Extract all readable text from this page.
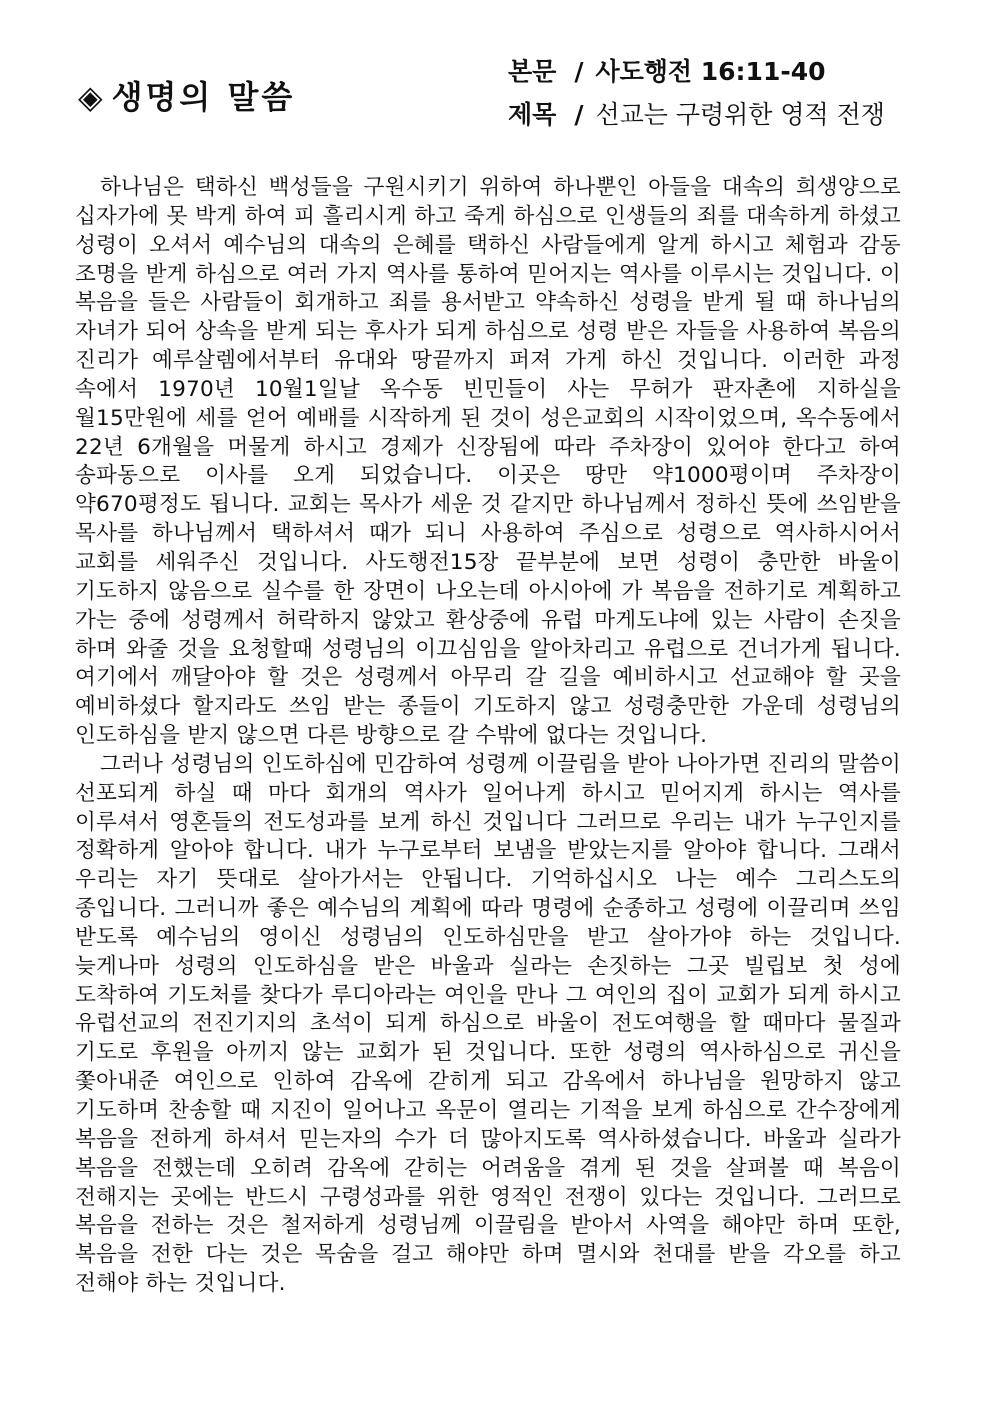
◈ 생명의 말씀
본문 / 사도행전 16:11-40
제목 / 선교는 구령위한 영적 전쟁

하나님은 택하신 백성들을 구원시키기 위하여 하나뿐인 아들을 대속의 희생양으로 십자가에 못 박게 하여 피 흘리시게 하고 죽게 하심으로 인생들의 죄를 대속하게 하셨고 성령이 오셔서 예수님의 대속의 은혜를 택하신 사람들에게 알게 하시고 체험과 감동 조명을 받게 하심으로 여러 가지 역사를 통하여 믿어지는 역사를 이루시는 것입니다. 이 복음을 들은 사람들이 회개하고 죄를 용서받고 약속하신 성령을 받게 될 때 하나님의 자녀가 되어 상속을 받게 되는 후사가 되게 하심으로 성령 받은 자들을 사용하여 복음의 진리가 예루살렘에서부터 유대와 땅끝까지 퍼져 가게 하신 것입니다. 이러한 과정 속에서 1970년 10월1일날 옥수동 빈민들이 사는 무허가 판자촌에 지하실을 월15만원에 세를 얻어 예배를 시작하게 된 것이 성은교회의 시작이었으며, 옥수동에서 22년 6개월을 머물게 하시고 경제가 신장됨에 따라 주차장이 있어야 한다고 하여 송파동으로 이사를 오게 되었습니다. 이곳은 땅만 약1000평이며 주차장이 약670평정도 됩니다. 교회는 목사가 세운 것 같지만 하나님께서 정하신 뜻에 쓰임받을 목사를 하나님께서 택하셔서 때가 되니 사용하여 주심으로 성령으로 역사하시어서 교회를 세워주신 것입니다. 사도행전15장 끝부분에 보면 성령이 충만한 바울이 기도하지 않음으로 실수를 한 장면이 나오는데 아시아에 가 복음을 전하기로 계획하고 가는 중에 성령께서 허락하지 않았고 환상중에 유럽 마게도냐에 있는 사람이 손짓을 하며 와줄 것을 요청할때 성령님의 이끄심임을 알아차리고 유럽으로 건너가게 됩니다. 여기에서 깨달아야 할 것은 성령께서 아무리 갈 길을 예비하시고 선교해야 할 곳을 예비하셨다 할지라도 쓰임 받는 종들이 기도하지 않고 성령충만한 가운데 성령님의 인도하심을 받지 않으면 다른 방향으로 갈 수밖에 없다는 것입니다.

그러나 성령님의 인도하심에 민감하여 성령께 이끌림을 받아 나아가면 진리의 말씀이 선포되게 하실 때 마다 회개의 역사가 일어나게 하시고 믿어지게 하시는 역사를 이루셔서 영혼들의 전도성과를 보게 하신 것입니다 그러므로 우리는 내가 누구인지를 정확하게 알아야 합니다. 내가 누구로부터 보냄을 받았는지를 알아야 합니다. 그래서 우리는 자기 뜻대로 살아가서는 안됩니다. 기억하십시오 나는 예수 그리스도의 종입니다. 그러니까 좋은 예수님의 계획에 따라 명령에 순종하고 성령에 이끌리며 쓰임 받도록 예수님의 영이신 성령님의 인도하심만을 받고 살아가야 하는 것입니다. 늦게나마 성령의 인도하심을 받은 바울과 실라는 손짓하는 그곳 빌립보 첫 성에 도착하여 기도처를 찾다가 루디아라는 여인을 만나 그 여인의 집이 교회가 되게 하시고 유럽선교의 전진기지의 초석이 되게 하심으로 바울이 전도여행을 할 때마다 물질과 기도로 후원을 아끼지 않는 교회가 된 것입니다. 또한 성령의 역사하심으로 귀신을 쫓아내준 여인으로 인하여 감옥에 갇히게 되고 감옥에서 하나님을 원망하지 않고 기도하며 찬송할 때 지진이 일어나고 옥문이 열리는 기적을 보게 하심으로 간수장에게 복음을 전하게 하셔서 믿는자의 수가 더 많아지도록 역사하셨습니다. 바울과 실라가 복음을 전했는데 오히려 감옥에 갇히는 어려움을 겪게 된 것을 살펴볼 때 복음이 전해지는 곳에는 반드시 구령성과를 위한 영적인 전쟁이 있다는 것입니다. 그러므로 복음을 전하는 것은 철저하게 성령님께 이끌림을 받아서 사역을 해야만 하며 또한, 복음을 전한 다는 것은 목숨을 걸고 해야만 하며 멸시와 천대를 받을 각오를 하고 전해야 하는 것입니다.
